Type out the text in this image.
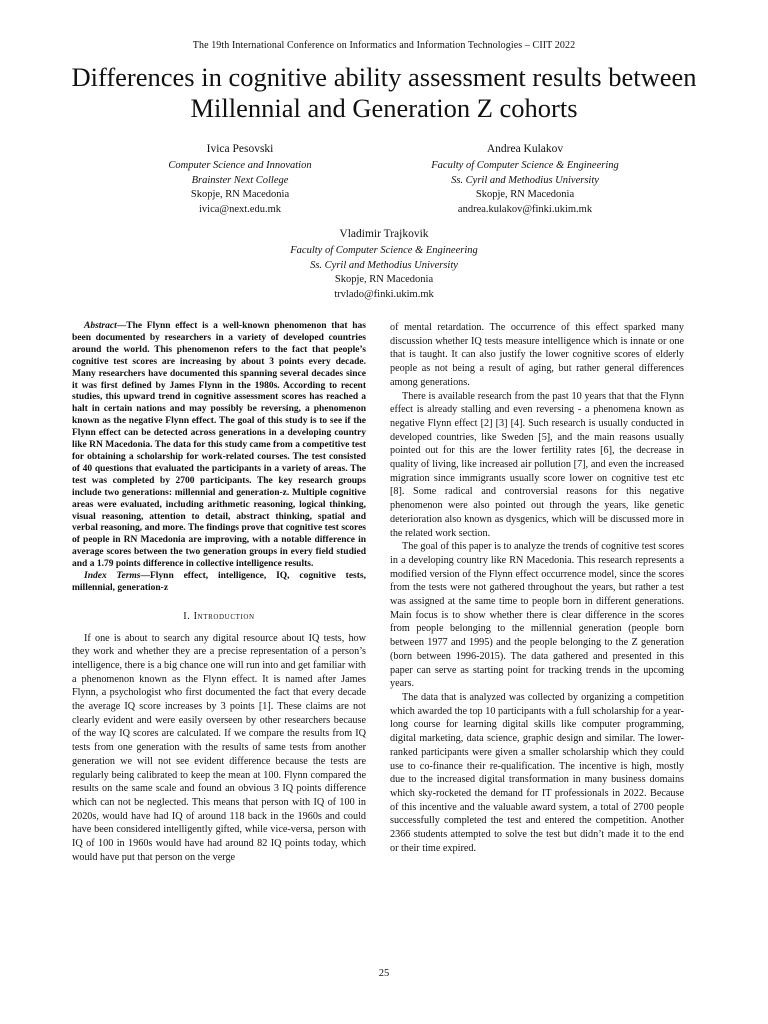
The 19th International Conference on Informatics and Information Technologies – CIIT 2022
Differences in cognitive ability assessment results between Millennial and Generation Z cohorts
Ivica Pesovski
Computer Science and Innovation
Brainster Next College
Skopje, RN Macedonia
ivica@next.edu.mk
Andrea Kulakov
Faculty of Computer Science & Engineering
Ss. Cyril and Methodius University
Skopje, RN Macedonia
andrea.kulakov@finki.ukim.mk
Vladimir Trajkovik
Faculty of Computer Science & Engineering
Ss. Cyril and Methodius University
Skopje, RN Macedonia
trvlado@finki.ukim.mk

Abstract—The Flynn effect is a well-known phenomenon that has been documented by researchers in a variety of developed countries around the world. This phenomenon refers to the fact that people’s cognitive test scores are increasing by about 3 points every decade. Many researchers have documented this spanning several decades since it was first defined by James Flynn in the 1980s. According to recent studies, this upward trend in cognitive assessment scores has reached a halt in certain nations and may possibly be reversing, a phenomenon known as the negative Flynn effect. The goal of this study is to see if the Flynn effect can be detected across generations in a developing country like RN Macedonia. The data for this study came from a competitive test for obtaining a scholarship for work-related courses. The test consisted of 40 questions that evaluated the participants in a variety of areas. The test was completed by 2700 participants. The key research groups include two generations: millennial and generation-z. Multiple cognitive areas were evaluated, including arithmetic reasoning, logical thinking, visual reasoning, attention to detail, abstract thinking, spatial and verbal reasoning, and more. The findings prove that cognitive test scores of people in RN Macedonia are improving, with a notable difference in average scores between the two generation groups in every field studied and a 1.79 points difference in collective intelligence results.

Index Terms—Flynn effect, intelligence, IQ, cognitive tests, millennial, generation-z

I. Introduction

If one is about to search any digital resource about IQ tests, how they work and whether they are a precise representation of a person’s intelligence, there is a big chance one will run into and get familiar with a phenomenon known as the Flynn effect. It is named after James Flynn, a psychologist who first documented the fact that every decade the average IQ score increases by 3 points [1]. These claims are not clearly evident and were easily overseen by other researchers because of the way IQ scores are calculated. If we compare the results from IQ tests from one generation with the results of same tests from another generation we will not see evident difference because the tests are regularly being calibrated to keep the mean at 100. Flynn compared the results on the same scale and found an obvious 3 IQ points difference which can not be neglected. This means that person with IQ of 100 in 2020s, would have had IQ of around 118 back in the 1960s and could have been considered intelligently gifted, while vice-versa, person with IQ of 100 in 1960s would have had around 82 IQ points today, which would have put that person on the verge

of mental retardation. The occurrence of this effect sparked many discussion whether IQ tests measure intelligence which is innate or one that is taught. It can also justify the lower cognitive scores of elderly people as not being a result of aging, but rather general differences among generations.

There is available research from the past 10 years that that the Flynn effect is already stalling and even reversing - a phenomena known as negative Flynn effect [2] [3] [4]. Such research is usually conducted in developed countries, like Sweden [5], and the main reasons usually pointed out for this are the lower fertility rates [6], the decrease in quality of living, like increased air pollution [7], and even the increased migration since immigrants usually score lower on cognitive test etc [8]. Some radical and controversial reasons for this negative phenomenon were also pointed out through the years, like genetic deterioration also known as dysgenics, which will be discussed more in the related work section.

The goal of this paper is to analyze the trends of cognitive test scores in a developing country like RN Macedonia. This research represents a modified version of the Flynn effect occurrence model, since the scores from the tests were not gathered throughout the years, but rather a test was assigned at the same time to people born in different generations. Main focus is to show whether there is clear difference in the scores from people belonging to the millennial generation (people born between 1977 and 1995) and the people belonging to the Z generation (born between 1996-2015). The data gathered and presented in this paper can serve as starting point for tracking trends in the upcoming years.

The data that is analyzed was collected by organizing a competition which awarded the top 10 participants with a full scholarship for a year-long course for learning digital skills like computer programming, digital marketing, data science, graphic design and similar. The lower-ranked participants were given a smaller scholarship which they could use to co-finance their re-qualification. The incentive is high, mostly due to the increased digital transformation in many business domains which sky-rocketed the demand for IT professionals in 2022. Because of this incentive and the valuable award system, a total of 2700 people successfully completed the test and entered the competition. Another 2366 students attempted to solve the test but didn’t made it to the end or their time expired.

25
